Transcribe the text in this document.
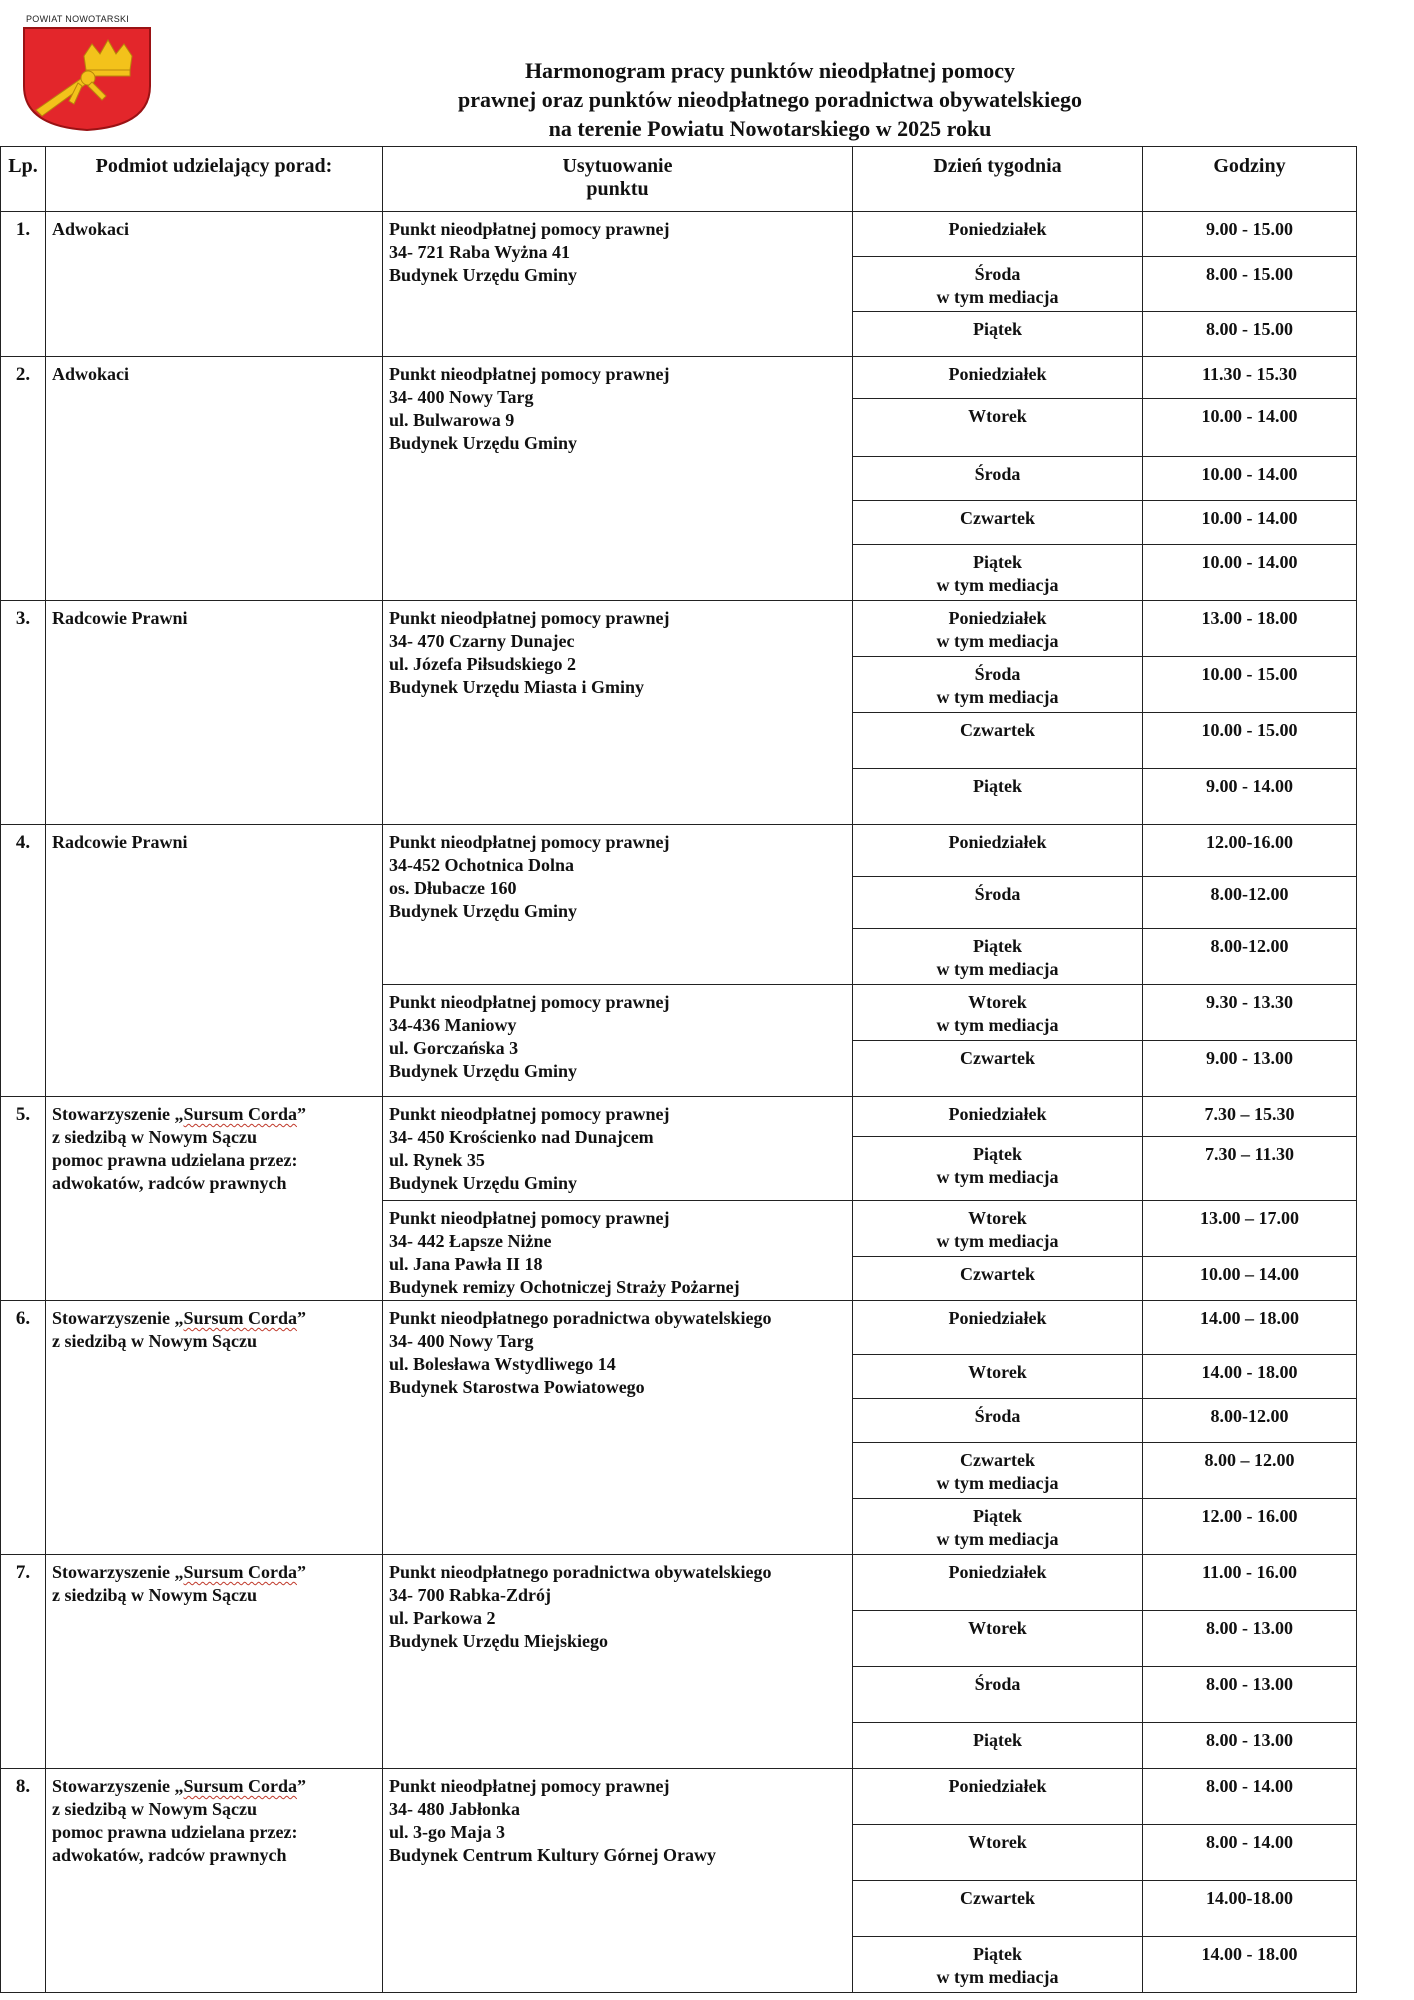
POWIAT NOWOTARSKI
Harmonogram pracy punktów nieodpłatnej pomocy
prawnej oraz punktów nieodpłatnego poradnictwa obywatelskiego
na terenie Powiatu Nowotarskiego w 2025 roku
Lp.	Podmiot udzielający porad:	Usytuowanie
punktu	Dzień tygodnia	Godziny
1.	Adwokaci	Punkt nieodpłatnej pomocy prawnej
34- 721 Raba Wyżna 41
Budynek Urzędu Gminy	Poniedziałek	9.00 - 15.00
			Środa
w tym mediacja	8.00 - 15.00
			Piątek	8.00 - 15.00
2.	Adwokaci	Punkt nieodpłatnej pomocy prawnej
34- 400 Nowy Targ
ul. Bulwarowa 9
Budynek Urzędu Gminy	Poniedziałek	11.30 - 15.30
			Wtorek	10.00 - 14.00
			Środa	10.00 - 14.00
			Czwartek	10.00 - 14.00
			Piątek
w tym mediacja	10.00 - 14.00
3.	Radcowie Prawni	Punkt nieodpłatnej pomocy prawnej
34- 470 Czarny Dunajec
ul. Józefa Piłsudskiego 2
Budynek Urzędu Miasta i Gminy	Poniedziałek
w tym mediacja	13.00 - 18.00
			Środa
w tym mediacja	10.00 - 15.00
			Czwartek	10.00 - 15.00
			Piątek	9.00 - 14.00
4.	Radcowie Prawni	Punkt nieodpłatnej pomocy prawnej
34-452 Ochotnica Dolna
os. Dłubacze 160
Budynek Urzędu Gminy	Poniedziałek	12.00-16.00
			Środa	8.00-12.00
			Piątek
w tym mediacja	8.00-12.00
		Punkt nieodpłatnej pomocy prawnej
34-436 Maniowy
ul. Gorczańska 3
Budynek Urzędu Gminy	Wtorek
w tym mediacja	9.30 - 13.30
			Czwartek	9.00 - 13.00
5.	Stowarzyszenie „Sursum Corda”
z siedzibą w Nowym Sączu
pomoc prawna udzielana przez:
adwokatów, radców prawnych	Punkt nieodpłatnej pomocy prawnej
34- 450 Krościenko nad Dunajcem
ul. Rynek 35
Budynek Urzędu Gminy	Poniedziałek	7.30 – 15.30
			Piątek
w tym mediacja	7.30 – 11.30
		Punkt nieodpłatnej pomocy prawnej
34- 442 Łapsze Niżne
ul. Jana Pawła II 18
Budynek remizy Ochotniczej Straży Pożarnej	Wtorek
w tym mediacja	13.00 – 17.00
			Czwartek	10.00 – 14.00
6.	Stowarzyszenie „Sursum Corda”
z siedzibą w Nowym Sączu	Punkt nieodpłatnego poradnictwa obywatelskiego
34- 400 Nowy Targ
ul. Bolesława Wstydliwego 14
Budynek Starostwa Powiatowego	Poniedziałek	14.00 – 18.00
			Wtorek	14.00 - 18.00
			Środa	8.00-12.00
			Czwartek
w tym mediacja	8.00 – 12.00
			Piątek
w tym mediacja	12.00 - 16.00
7.	Stowarzyszenie „Sursum Corda”
z siedzibą w Nowym Sączu	Punkt nieodpłatnego poradnictwa obywatelskiego
34- 700 Rabka-Zdrój
ul. Parkowa 2
Budynek Urzędu Miejskiego	Poniedziałek	11.00 - 16.00
			Wtorek	8.00 - 13.00
			Środa	8.00 - 13.00
			Piątek	8.00 - 13.00
8.	Stowarzyszenie „Sursum Corda”
z siedzibą w Nowym Sączu
pomoc prawna udzielana przez:
adwokatów, radców prawnych	Punkt nieodpłatnej pomocy prawnej
34- 480 Jabłonka
ul. 3-go Maja 3
Budynek Centrum Kultury Górnej Orawy	Poniedziałek	8.00 - 14.00
			Wtorek	8.00 - 14.00
			Czwartek	14.00-18.00
			Piątek
w tym mediacja	14.00 - 18.00
